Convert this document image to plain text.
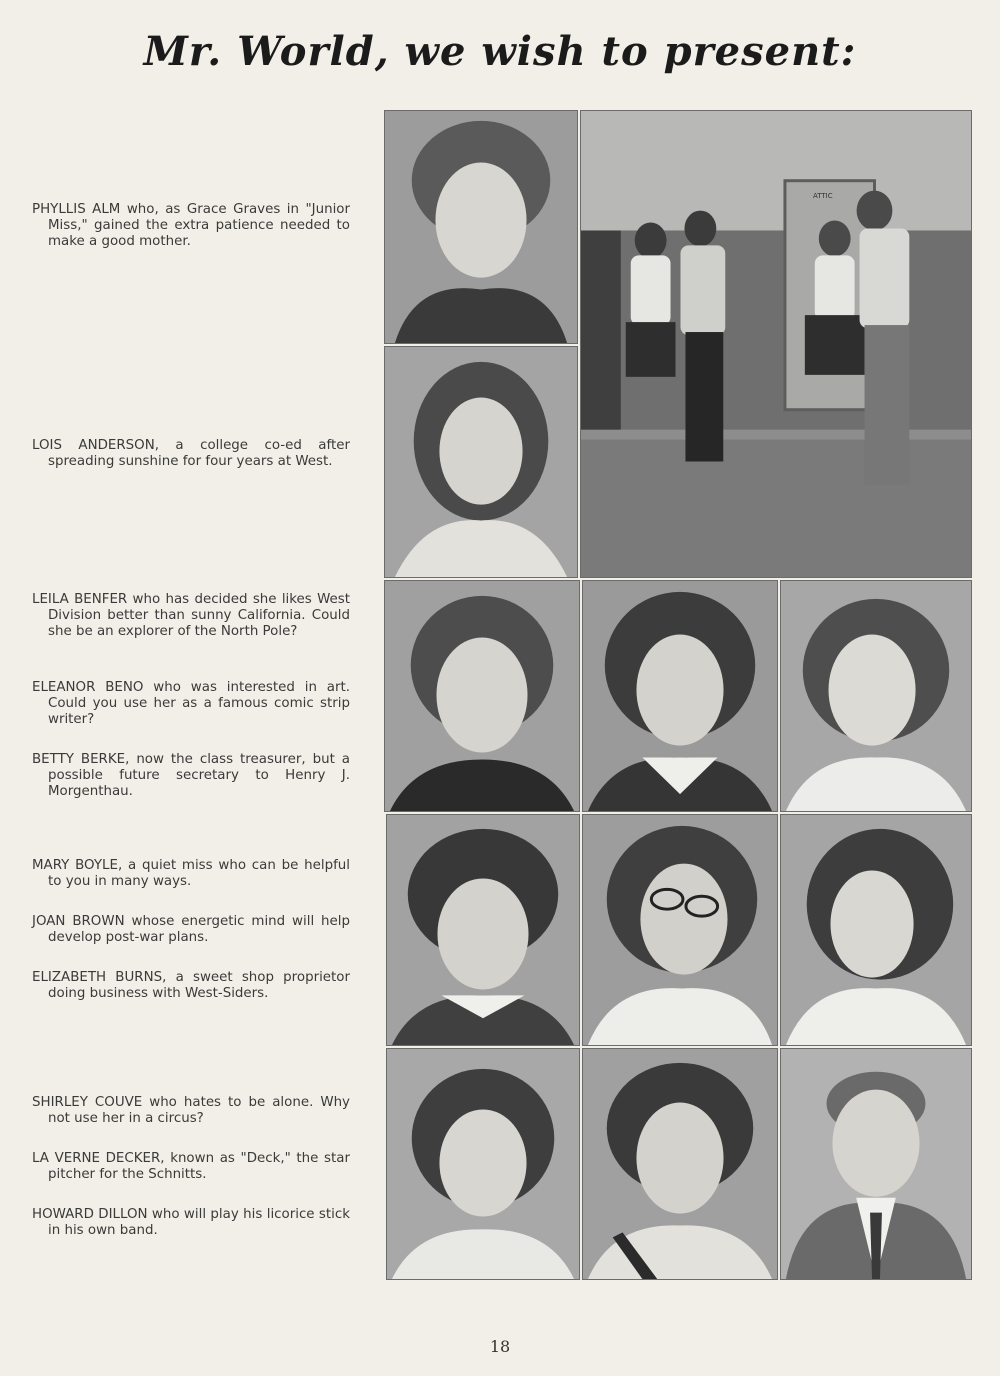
Mr. World, we wish to present:
PHYLLIS ALM who, as Grace Graves in "Junior Miss," gained the extra patience needed to make a good mother.
LOIS ANDERSON, a college co-ed after spreading sunshine for four years at West.
LEILA BENFER who has decided she likes West Division better than sunny California. Could she be an explorer of the North Pole?
ELEANOR BENO who was interested in art. Could you use her as a famous comic strip writer?
BETTY BERKE, now the class treasurer, but a possible future secretary to Henry J. Morgenthau.
MARY BOYLE, a quiet miss who can be helpful to you in many ways.
JOAN BROWN whose energetic mind will help develop post-war plans.
ELIZABETH BURNS, a sweet shop proprietor doing business with West-Siders.
SHIRLEY COUVE who hates to be alone. Why not use her in a circus?
LA VERNE DECKER, known as "Deck," the star pitcher for the Schnitts.
HOWARD DILLON who will play his licorice stick in his own band.
ATTIC
18
